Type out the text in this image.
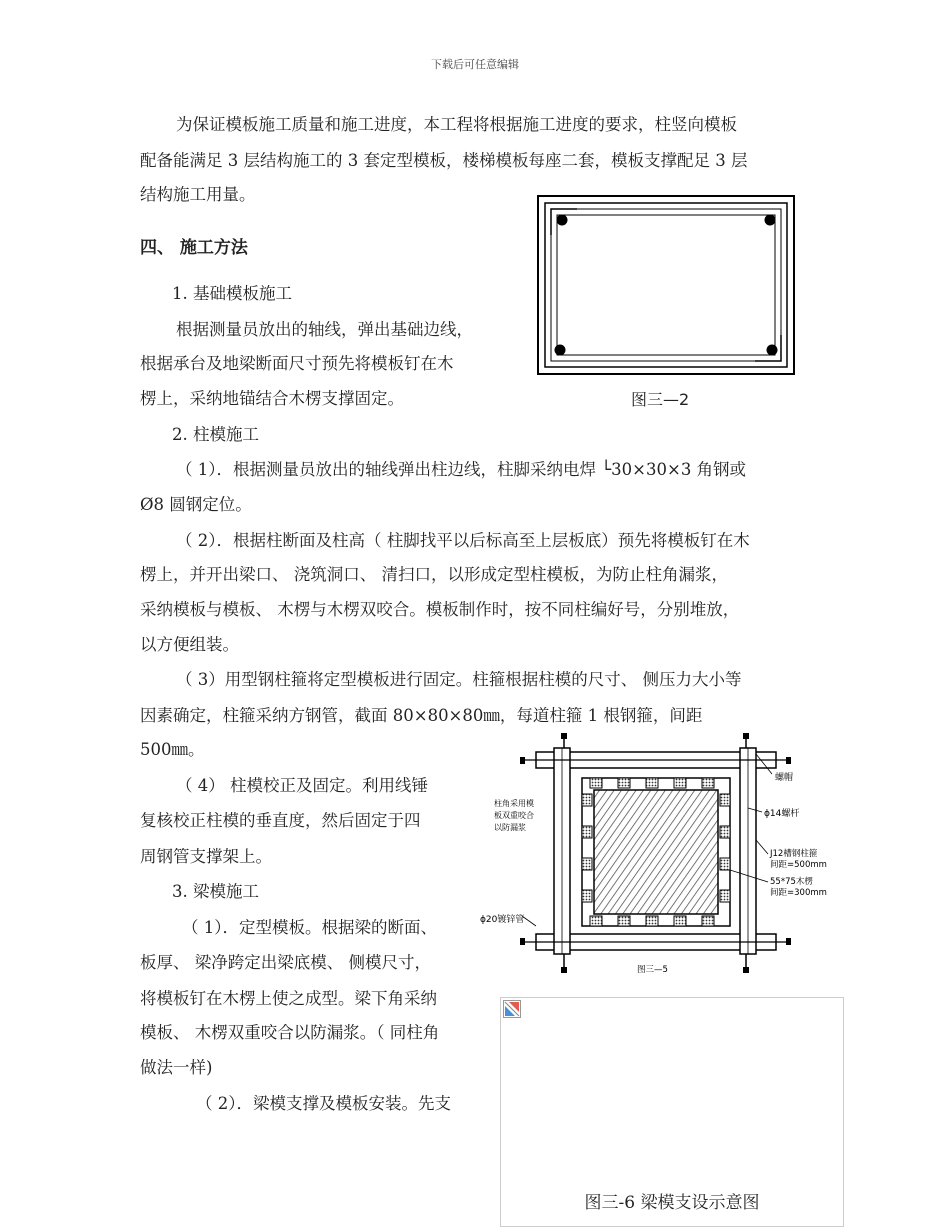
下载后可任意编辑
为保证模板施工质量和施工进度，本工程将根据施工进度的要求，柱竖向模板
配备能满足 3 层结构施工的 3 套定型模板，楼梯模板每座二套，模板支撑配足 3 层
结构施工用量。
四、 施工方法
1. 基础模板施工
根据测量员放出的轴线，弹出基础边线，
根据承台及地梁断面尺寸预先将模板钉在木
楞上，采纳地锚结合木楞支撑固定。	图三—2
2. 柱模施工
（ 1）．根据测量员放出的轴线弹出柱边线，柱脚采纳电焊 └30×30×3 角钢或
Ø8 圆钢定位。
（ 2）．根据柱断面及柱高（ 柱脚找平以后标高至上层板底）预先将模板钉在木
楞上，并开出梁口、 浇筑洞口、 清扫口，以形成定型柱模板，为防止柱角漏浆，
采纳模板与模板、 木楞与木楞双咬合。模板制作时，按不同柱编好号，分别堆放，
以方便组装。
（ 3）用型钢柱箍将定型模板进行固定。柱箍根据柱模的尺寸、 侧压力大小等
因素确定，柱箍采纳方钢管，截面 80×80×80㎜，每道柱箍 1 根钢箍，间距
500㎜。
（ 4） 柱模校正及固定。利用线锤
复核校正柱模的垂直度，然后固定于四
周钢管支撑架上。
3. 梁模施工
（ 1）．定型模板。根据梁的断面、
板厚、 梁净跨定出梁底模、 侧模尺寸，
将模板钉在木楞上使之成型。梁下角采纳
模板、 木楞双重咬合以防漏浆。（ 同柱角
做法一样)
（ 2）．梁模支撑及模板安装。先支
螺帽
ϕ14螺杆
柱角采用模
板双重咬合
以防漏浆
J12槽钢柱箍
间距=500mm
55*75木楞
间距=300mm
ϕ20镀锌管
图三—5
图三-6 梁模支设示意图
